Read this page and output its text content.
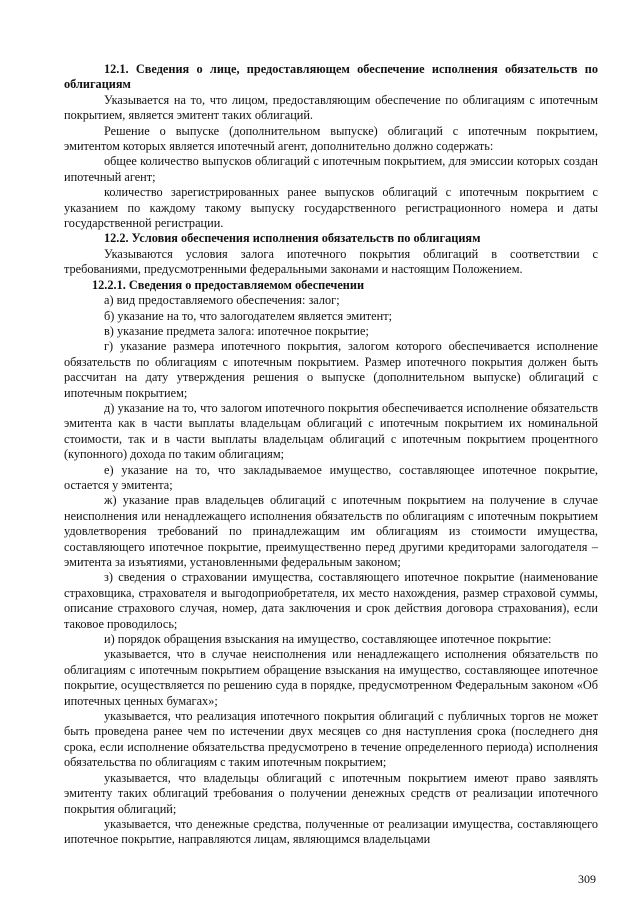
12.1. Сведения о лице, предоставляющем обеспечение исполнения обязательств по облигациям

Указывается на то, что лицом, предоставляющим обеспечение по облигациям с ипотечным покрытием, является эмитент таких облигаций.

Решение о выпуске (дополнительном выпуске) облигаций с ипотечным покрытием, эмитентом которых является ипотечный агент, дополнительно должно содержать:

общее количество выпусков облигаций с ипотечным покрытием, для эмиссии которых создан ипотечный агент;

количество зарегистрированных ранее выпусков облигаций с ипотечным покрытием с указанием по каждому такому выпуску государственного регистрационного номера и даты государственной регистрации.

12.2. Условия обеспечения исполнения обязательств по облигациям

Указываются условия залога ипотечного покрытия облигаций в соответствии с требованиями, предусмотренными федеральными законами и настоящим Положением.

12.2.1. Сведения о предоставляемом обеспечении

а) вид предоставляемого обеспечения: залог;

б) указание на то, что залогодателем является эмитент;

в) указание предмета залога: ипотечное покрытие;

г) указание размера ипотечного покрытия, залогом которого обеспечивается исполнение обязательств по облигациям с ипотечным покрытием. Размер ипотечного покрытия должен быть рассчитан на дату утверждения решения о выпуске (дополнительном выпуске) облигаций с ипотечным покрытием;

д) указание на то, что залогом ипотечного покрытия обеспечивается исполнение обязательств эмитента как в части выплаты владельцам облигаций с ипотечным покрытием их номинальной стоимости, так и в части выплаты владельцам облигаций с ипотечным покрытием процентного (купонного) дохода по таким облигациям;

е) указание на то, что закладываемое имущество, составляющее ипотечное покрытие, остается у эмитента;

ж) указание прав владельцев облигаций с ипотечным покрытием на получение в случае неисполнения или ненадлежащего исполнения обязательств по облигациям с ипотечным покрытием удовлетворения требований по принадлежащим им облигациям из стоимости имущества, составляющего ипотечное покрытие, преимущественно перед другими кредиторами залогодателя – эмитента за изъятиями, установленными федеральным законом;

з) сведения о страховании имущества, составляющего ипотечное покрытие (наименование страховщика, страхователя и выгодоприобретателя, их место нахождения, размер страховой суммы, описание страхового случая, номер, дата заключения и срок действия договора страхования), если таковое проводилось;

и) порядок обращения взыскания на имущество, составляющее ипотечное покрытие:

указывается, что в случае неисполнения или ненадлежащего исполнения обязательств по облигациям с ипотечным покрытием обращение взыскания на имущество, составляющее ипотечное покрытие, осуществляется по решению суда в порядке, предусмотренном Федеральным законом «Об ипотечных ценных бумагах»;

указывается, что реализация ипотечного покрытия облигаций с публичных торгов не может быть проведена ранее чем по истечении двух месяцев со дня наступления срока (последнего дня срока, если исполнение обязательства предусмотрено в течение определенного периода) исполнения обязательства по облигациям с таким ипотечным покрытием;

указывается, что владельцы облигаций с ипотечным покрытием имеют право заявлять эмитенту таких облигаций требования о получении денежных средств от реализации ипотечного покрытия облигаций;

указывается, что денежные средства, полученные от реализации имущества, составляющего ипотечное покрытие, направляются лицам, являющимся владельцами

309
